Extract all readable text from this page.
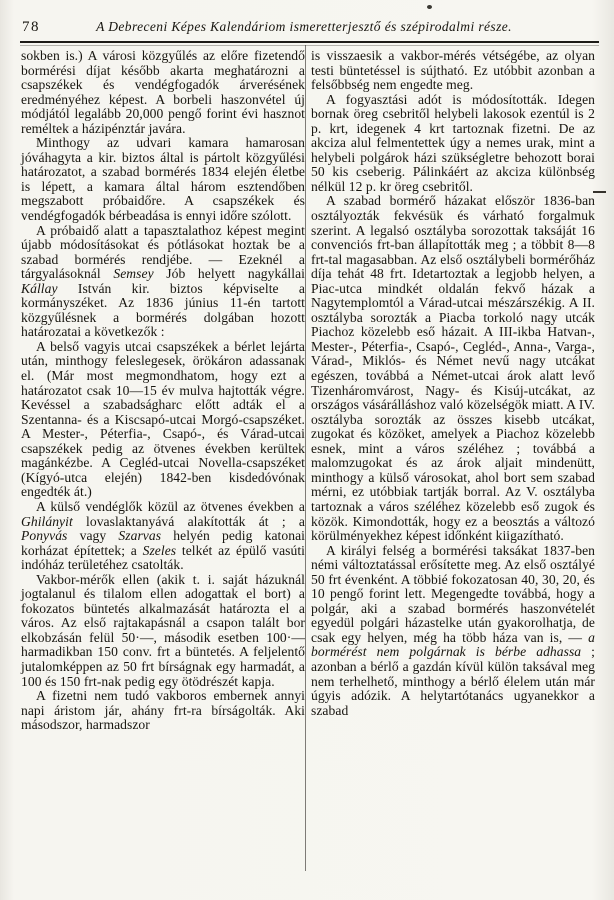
78	A Debreceni Képes Kalendáriom ismeretterjesztő és szépirodalmi része.

sokben is.) A városi közgyűlés az előre fizetendő bormérési díjat később akarta meghatározni a csapszékek és vendégfogadók árverésének eredményéhez képest. A borbeli haszonvétel új módjától legalább 20,000 pengő forint évi hasznot reméltek a házipénztár javára.

Minthogy az udvari kamara hamarosan jóváhagyta a kir. biztos által is pártolt közgyűlési határozatot, a szabad bormérés 1834 elején életbe is lépett, a kamara által három esztendőben megszabott próbaidőre. A csapszékek és vendégfogadók bérbeadása is ennyi időre szólott.

A próbaidő alatt a tapasztalathoz képest megint újabb módosításokat és pótlásokat hoztak be a szabad bormérés rendjébe. — Ezeknél a tárgyalásoknál Semsey Jób helyett nagykállai Kállay István kir. biztos képviselte a kormányszéket. Az 1836 június 11-én tartott közgyűlésnek a bormérés dolgában hozott határozatai a következők :

A belső vagyis utcai csapszékek a bérlet lejárta után, minthogy feleslegesek, örökáron adassanak el. (Már most megmondhatom, hogy ezt a határozatot csak 10—15 év mulva hajtották végre. Kevéssel a szabadságharc előtt adták el a Szentanna- és a Kiscsapó-utcai Morgó-csapszéket. A Mester-, Péterfia-, Csapó-, és Várad-utcai csapszékek pedig az ötvenes években kerültek magánkézbe. A Cegléd-utcai Novella-csapszéket (Kígyó-utca elején) 1842-ben kisdedóvónak engedték át.)

A külső vendéglők közül az ötvenes években a Ghilányit lovaslaktanyává alakították át ; a Ponyvás vagy Szarvas helyén pedig katonai korházat építettek; a Szeles telkét az épülő vasúti indóház területéhez csatolták.

Vakbor-mérők ellen (akik t. i. saját házuknál jogtalanul és tilalom ellen adogattak el bort) a fokozatos büntetés alkalmazását határozta el a város. Az első rajtakapásnál a csapon talált bor elkobzásán felül 50·—, második esetben 100·— harmadikban 150 conv. frt a büntetés. A feljelentő jutalomképpen az 50 frt bírságnak egy harmadát, a 100 és 150 frt-nak pedig egy ötödrészét kapja.

A fizetni nem tudó vakboros embernek annyi napi áristom jár, ahány frt-ra bírságolták. Aki másodszor, harmadszor

is visszaesik a vakbor-mérés vétségébe, az olyan testi büntetéssel is sújtható. Ez utóbbit azonban a felsőbbség nem engedte meg.

A fogyasztási adót is módosították. Idegen bornak öreg csebritől helybeli lakosok ezentúl is 2 p. krt, idegenek 4 krt tartoznak fizetni. De az akciza alul felmentettek úgy a nemes urak, mint a helybeli polgárok házi szükségletre behozott borai 50 kis cseberig. Pálinkáért az akciza különbség nélkül 12 p. kr öreg csebritől.

A szabad bormérő házakat először 1836-ban osztályozták fekvésük és várható forgalmuk szerint. A legalsó osztályba sorozottak taksáját 16 convenciós frt-ban állapították meg ; a többit 8—8 frt-tal magasabban. Az első osztálybeli bormérőház díja tehát 48 frt. Idetartoztak a legjobb helyen, a Piac-utca mindkét oldalán fekvő házak a Nagytemplomtól a Várad-utcai mészárszékig. A II. osztályba sorozták a Piacba torkoló nagy utcák Piachoz közelebb eső házait. A III-ikba Hatvan-, Mester-, Péterfia-, Csapó-, Cegléd-, Anna-, Varga-, Várad-, Miklós- és Német nevű nagy utcákat egészen, továbbá a Német-utcai árok alatt levő Tizenháromvárost, Nagy- és Kisúj-utcákat, az országos vásárálláshoz való közelségök miatt. A IV. osztályba sorozták az összes kisebb utcákat, zugokat és közöket, amelyek a Piachoz közelebb esnek, mint a város széléhez ; továbbá a malomzugokat és az árok aljait mindenütt, minthogy a külső városokat, ahol bort sem szabad mérni, ez utóbbiak tartják borral. Az V. osztályba tartoznak a város széléhez közelebb eső zugok és közök. Kimondották, hogy ez a beosztás a változó körülményekhez képest időnként kiigazítható.

A királyi felség a bormérési taksákat 1837-ben némi változtatással erősítette meg. Az első osztályé 50 frt évenként. A többié fokozatosan 40, 30, 20, és 10 pengő forint lett. Megengedte továbbá, hogy a polgár, aki a szabad bormérés haszonvételét egyedül polgári házastelke után gyakorolhatja, de csak egy helyen, még ha több háza van is, — a bormérést nem polgárnak is bérbe adhassa ; azonban a bérlő a gazdán kívül külön taksával meg nem terhelhető, minthogy a bérlő élelem után már úgyis adózik. A helytartótanács ugyanekkor a szabad
